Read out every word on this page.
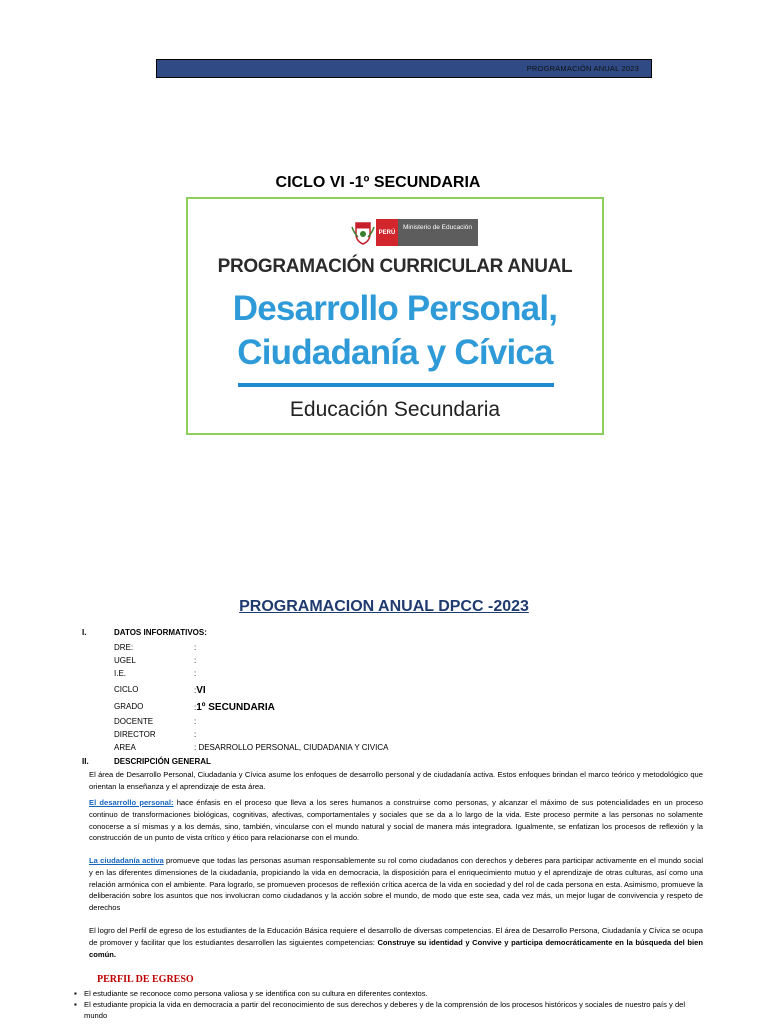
PROGRAMACIÓN ANUAL 2023
CICLO VI -1º SECUNDARIA
PERÚ
Ministerio de Educación
PROGRAMACIÓN CURRICULAR ANUAL
Desarrollo Personal,
Ciudadanía y Cívica
Educación Secundaria
PROGRAMACION ANUAL DPCC -2023
I.	DATOS INFORMATIVOS:
DRE:	:
UGEL	:
I.E.	:
CICLO	:VI
GRADO	:1º SECUNDARIA
DOCENTE	:
DIRECTOR	:
AREA	: DESARROLLO PERSONAL, CIUDADANIA Y CIVICA
II.	DESCRIPCIÓN GENERAL
El área de Desarrollo Personal, Ciudadanía y Cívica asume los enfoques de desarrollo personal y de ciudadanía activa. Estos enfoques brindan el marco teórico y metodológico que orientan la enseñanza y el aprendizaje de esta área.
El desarrollo personal: hace énfasis en el proceso que lleva a los seres humanos a construirse como personas, y alcanzar el máximo de sus potencialidades en un proceso continuo de transformaciones biológicas, cognitivas, afectivas, comportamentales y sociales que se da a lo largo de la vida. Este proceso permite a las personas no solamente conocerse a sí mismas y a los demás, sino, también, vincularse con el mundo natural y social de manera más integradora. Igualmente, se enfatizan los procesos de reflexión y la construcción de un punto de vista crítico y ético para relacionarse con el mundo.
La ciudadanía activa promueve que todas las personas asuman responsablemente su rol como ciudadanos con derechos y deberes para participar activamente en el mundo social y en las diferentes dimensiones de la ciudadanía, propiciando la vida en democracia, la disposición para el enriquecimiento mutuo y el aprendizaje de otras culturas, así como una relación armónica con el ambiente. Para lograrlo, se promueven procesos de reflexión crítica acerca de la vida en sociedad y del rol de cada persona en esta. Asimismo, promueve la deliberación sobre los asuntos que nos involucran como ciudadanos y la acción sobre el mundo, de modo que este sea, cada vez más, un mejor lugar de convivencia y respeto de derechos
El logro del Perfil de egreso de los estudiantes de la Educación Básica requiere el desarrollo de diversas competencias. El área de Desarrollo Persona, Ciudadanía y Cívica se ocupa de promover y facilitar que los estudiantes desarrollen las siguientes competencias: Construye su identidad y Convive y participa democráticamente en la búsqueda del bien común.
PERFIL DE EGRESO
▪ El estudiante se reconoce como persona valiosa y se identifica con su cultura en diferentes contextos.
▪ El estudiante propicia la vida en democracia a partir del reconocimiento de sus derechos y deberes y de la comprensión de los procesos históricos y sociales de nuestro país y del mundo
